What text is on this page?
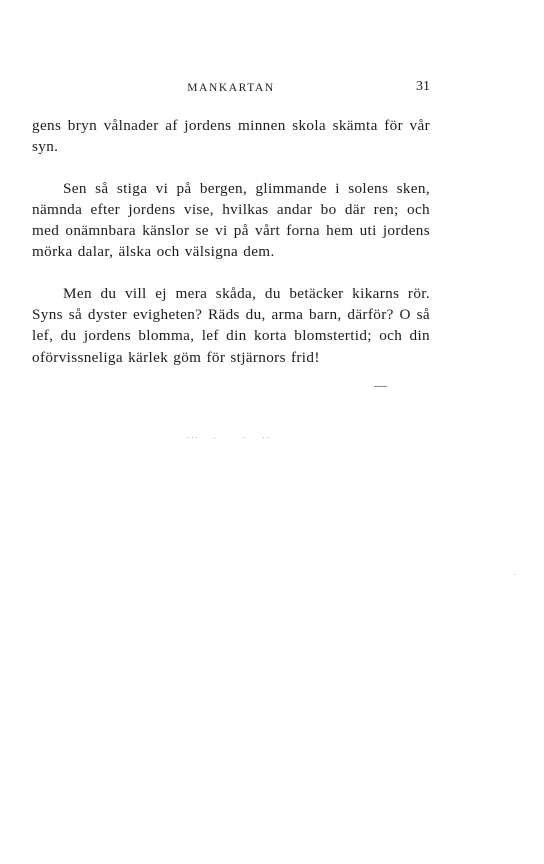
MANKARTAN	31

gens bryn vålnader af jordens minnen skola skämta för vår syn.

Sen så stiga vi på bergen, glimmande i solens sken, nämnda efter jordens vise, hvilkas andar bo där ren; och med onämnbara känslor se vi på vårt forna hem uti jordens mörka dalar, älska och välsigna dem.

Men du vill ej mera skåda, du betäcker kikarns rör. Syns så dyster evigheten? Räds du, arma barn, därför? O så lef, du jordens blomma, lef din korta blomstertid; och din oförvissneliga kärlek göm för stjärnors frid!
